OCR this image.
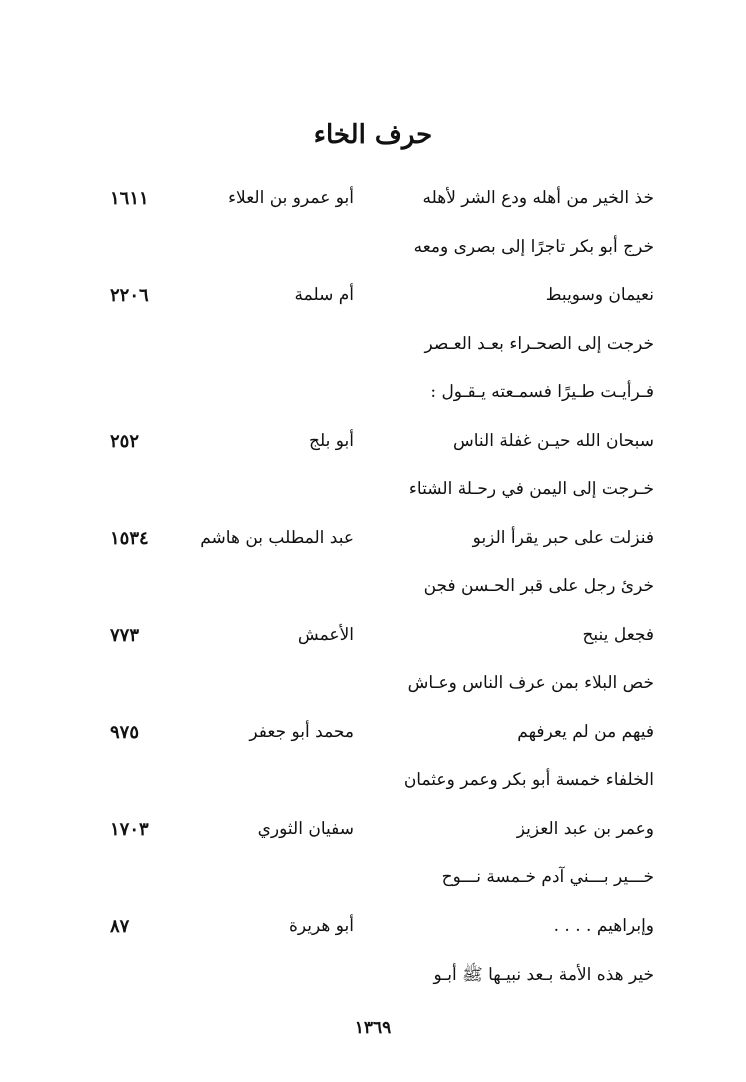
حرف الخاء
خذ الخير من أهله ودع الشر لأهله
أبو عمرو بن العلاء
١٦١١
خرج أبو بكر تاجرًا إلى بصرى ومعه
نعيمان وسويبط
أم سلمة
٢٢٠٦
خرجت إلى الصحـراء بعـد العـصر
فـرأيـت طـيرًا فسمـعته يـقـول :
سبحان الله حيـن غفلة الناس
أبو بلج
٢٥٢
خـرجت إلى اليمن في رحـلة الشتاء
فنزلت على حبر يقرأ الزبو
عبد المطلب بن هاشم
١٥٣٤
خرئ رجل على قبر الحـسن فجن
فجعل ينبح
الأعمش
٧٧٣
خص البلاء بمن عرف الناس وعـاش
فيهم من لم يعرفهم
محمد أبو جعفر
٩٧٥
الخلفاء خمسة أبو بكر وعمر وعثمان
وعمر بن عبد العزيز
سفيان الثوري
١٧٠٣
خـــير بـــني آدم خـمسة نـــوح
وإبراهيم . . . .
أبو هريرة
٨٧
خير هذه الأمة بـعد نبيـها ﷺ أبـو
١٣٦٩
